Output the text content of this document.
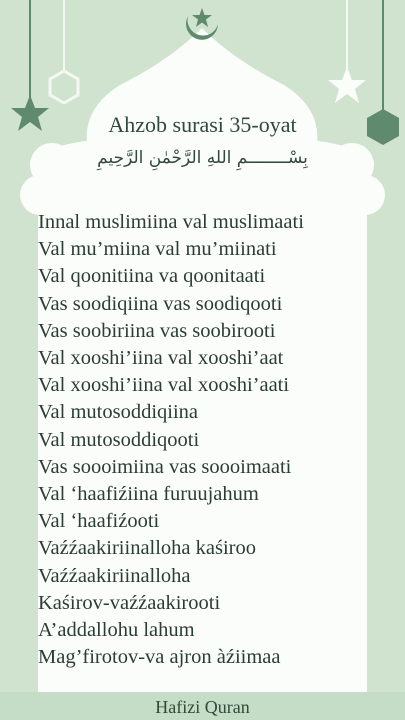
Ahzob surasi 35-oyat
بِسْــــــــمِ اللهِ الرَّحْمٰنِ الرَّحِيمِ
Innal muslimiina val muslimaati
Val mu’miina val mu’miinati
Val qoonitiina va qoonitaati
Vas soodiqiina vas soodiqooti
Vas soobiriina vas soobirooti
Val xooshi’iina val xooshi’aat
Val xooshi’iina val xooshi’aati
Val mutosoddiqiina
Val mutosoddiqooti
Vas soooimiina vas soooimaati
Val ‘haafiźiina furuujahum
Val ‘haafiźooti
Vaźźaakiriinalloha kaśiroo
Vaźźaakiriinalloha
Kaśirov-vaźźaakirooti
A’addallohu lahum
Mag’firotov-va ajron àźiimaa
Hafizi Quran
